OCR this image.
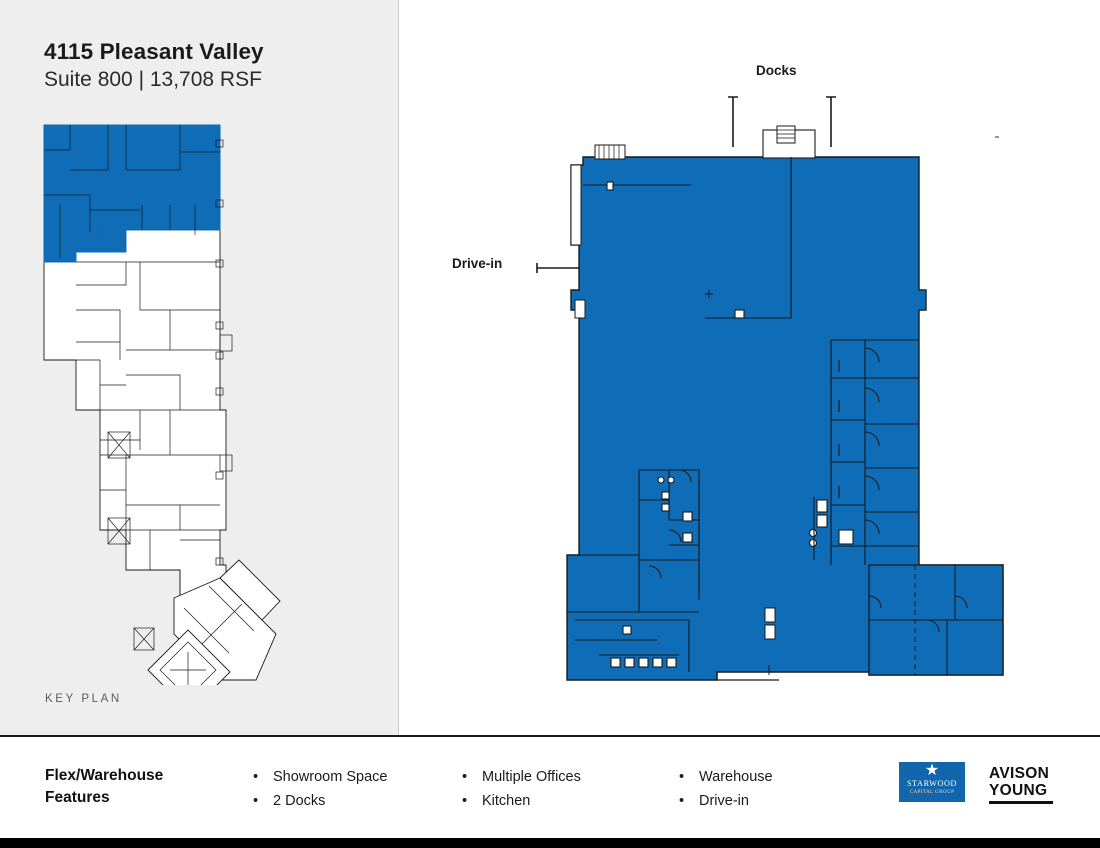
4115 Pleasant Valley
Suite 800 | 13,708 RSF
KEY PLAN
Docks
Drive-in
Flex/Warehouse
Features
•	Showroom Space
•	2 Docks
•	Multiple Offices
•	Kitchen
•	Warehouse
•	Drive-in
★
STARWOOD
CAPITAL GROUP
AVISON
YOUNG
